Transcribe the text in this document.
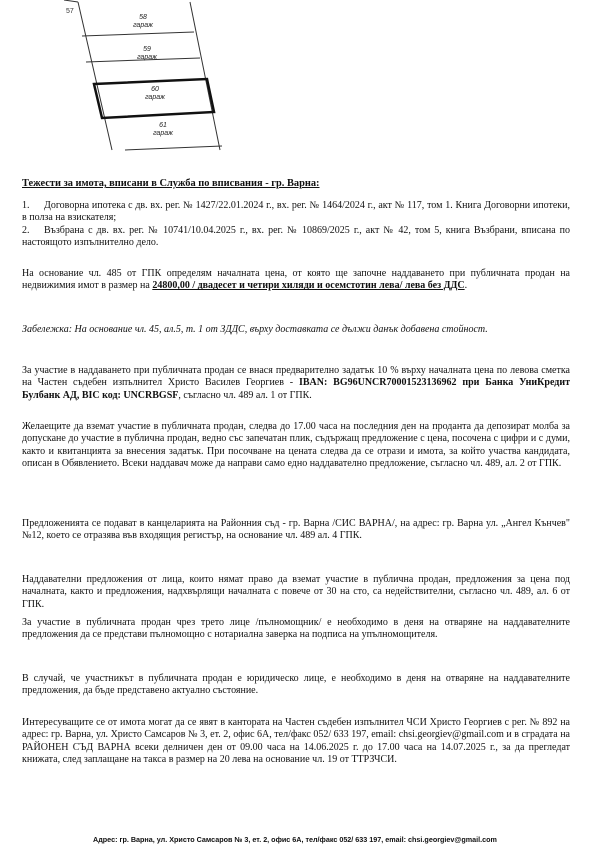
57
58
гараж
59
гараж
60
гараж
61
гараж
Тежести за имота, вписани в Служба по вписвания - гр. Варна:
1. Договорна ипотека с дв. вх. рег. № 1427/22.01.2024 г., вх. рег. № 1464/2024 г., акт № 117, том 1. Книга Договорни ипотеки, в полза на взискателя;
2. Възбрана с дв. вх. рег. № 10741/10.04.2025 г., вх. рег. № 10869/2025 г., акт № 42, том 5, книга Възбрани, вписана по настоящото изпълнително дело.
На основание чл. 485 от ГПК определям началната цена, от която ще започне наддаването при публичната продан на недвижимия имот в размер на 24800,00 / двадесет и четири хиляди и осемстотин лева/ лева без ДДС.
Забележка: На основание чл. 45, ал.5, т. 1 от ЗДДС, върху доставката се дължи данък добавена стойност.
За участие в наддаването при публичната продан се внася предварително задатък 10 % върху началната цена по левова сметка на Частен съдебен изпълнител Христо Василев Георгиев - IBAN: BG96UNCR70001523136962 при Банка УниКредит Булбанк АД, BIC код: UNCRBGSF, съгласно чл. 489 ал. 1 от ГПК.
Желаещите да вземат участие в публичната продан, следва до 17.00 часа на последния ден на проданта да депозират молба за допускане до участие в публична продан, ведно със запечатан плик, съдържащ предложение с цена, посочена с цифри и с думи, както и квитанцията за внесения задатък. При посочване на цената следва да се отрази и имота, за който участва кандидата, описан в Обявлението. Всеки наддавач може да направи само едно наддавателно предложение, съгласно чл. 489, ал. 2 от ГПК.
Предложенията се подават в канцеларията на Районния съд - гр. Варна /СИС ВАРНА/, на адрес: гр. Варна ул. „Ангел Кънчев" №12, което се отразява във входящия регистър, на основание чл. 489 ал. 4 ГПК.
Наддавателни предложения от лица, които нямат право да вземат участие в публична продан, предложения за цена под началната, както и предложения, надхвърлящи началната с повече от 30 на сто, са недействителни, съгласно чл. 489, ал. 6 от ГПК.
За участие в публичната продан чрез трето лице /пълномощник/ е необходимо в деня на отваряне на наддавателните предложения да се представи пълномощно с нотариална заверка на подписа на упълномощителя.
В случай, че участникът в публичната продан е юридическо лице, е необходимо в деня на отваряне на наддавателните предложения, да бъде представено актуално състояние.
Интересуващите се от имота могат да се явят в кантората на Частен съдебен изпълнител ЧСИ Христо Георгиев с рег. № 892 на адрес: гр. Варна, ул. Христо Самсаров № 3, ет. 2, офис 6А, тел/факс 052/ 633 197, email: chsi.georgiev@gmail.com и в сградата на РАЙОНЕН СЪД ВАРНА всеки делничен ден от 09.00 часа на 14.06.2025 г. до 17.00 часа на 14.07.2025 г., за да прегледат книжата, след заплащане на такса в размер на 20 лева на основание чл. 19 от ТТРЗЧСИ.
Адрес: гр. Варна, ул. Христо Самсаров № 3, ет. 2, офис 6А, тел/факс 052/ 633 197, email: chsi.georgiev@gmail.com
